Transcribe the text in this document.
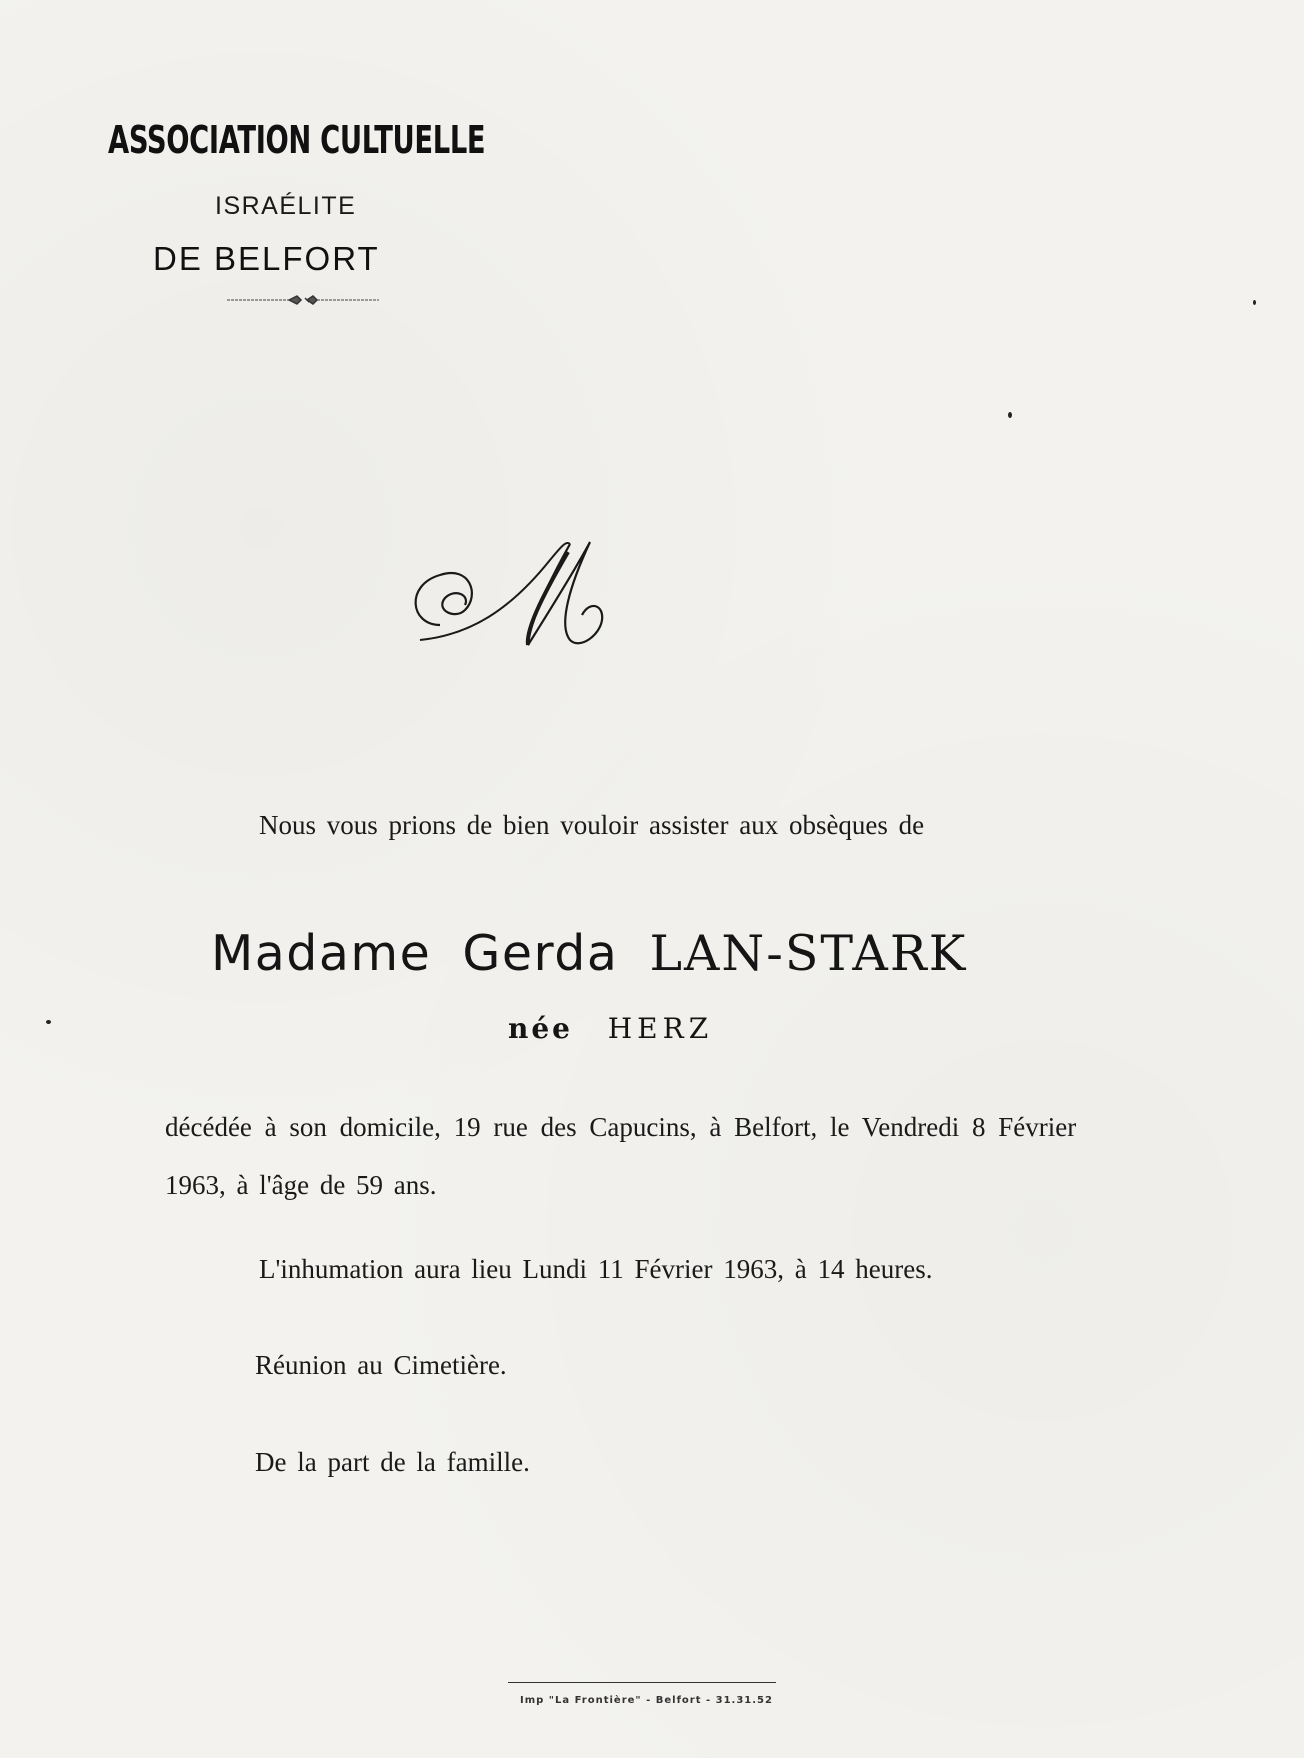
ASSOCIATION CULTUELLE
ISRAÉLITE
DE BELFORT
Nous vous prions de bien vouloir assister aux obsèques de
Madame Gerda LAN-STARK
née HERZ
décédée à son domicile, 19 rue des Capucins, à Belfort, le Vendredi 8 Février
1963, à l'âge de 59 ans.
L'inhumation aura lieu Lundi 11 Février 1963, à 14 heures.
Réunion au Cimetière.
De la part de la famille.
Imp "La Frontière" - Belfort - 31.31.52
